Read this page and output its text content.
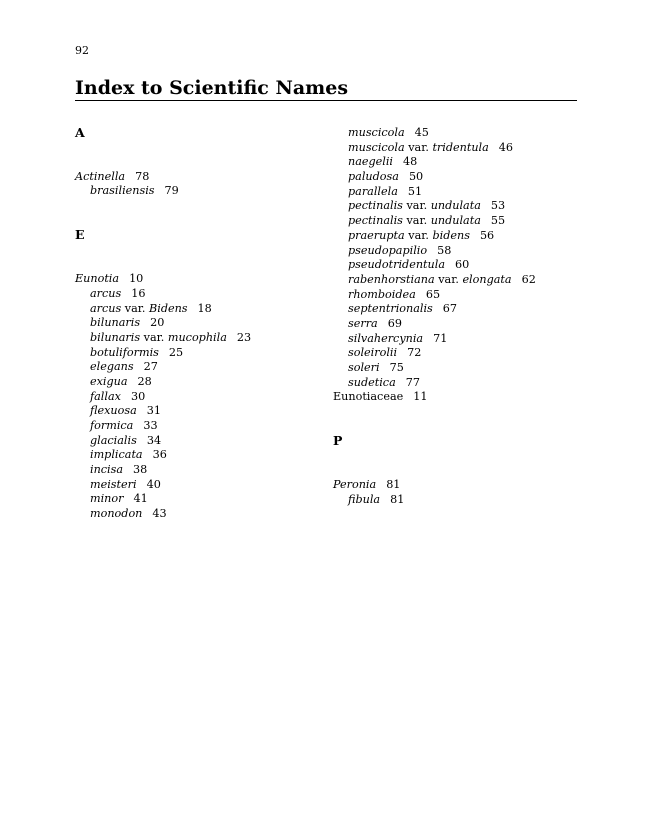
92
Index to Scientific Names
A
Actinella 78
brasiliensis 79
E
Eunotia 10
arcus 16
arcus var. Bidens 18
bilunaris 20
bilunaris var. mucophila 23
botuliformis 25
elegans 27
exigua 28
fallax 30
flexuosa 31
formica 33
glacialis 34
implicata 36
incisa 38
meisteri 40
minor 41
monodon 43
muscicola 45
muscicola var. tridentula 46
naegelii 48
paludosa 50
parallela 51
pectinalis var. undulata 53
pectinalis var. undulata 55
praerupta var. bidens 56
pseudopapilio 58
pseudotridentula 60
rabenhorstiana var. elongata 62
rhomboidea 65
septentrionalis 67
serra 69
silvahercynia 71
soleirolii 72
soleri 75
sudetica 77
Eunotiaceae 11
P
Peronia 81
fibula 81
